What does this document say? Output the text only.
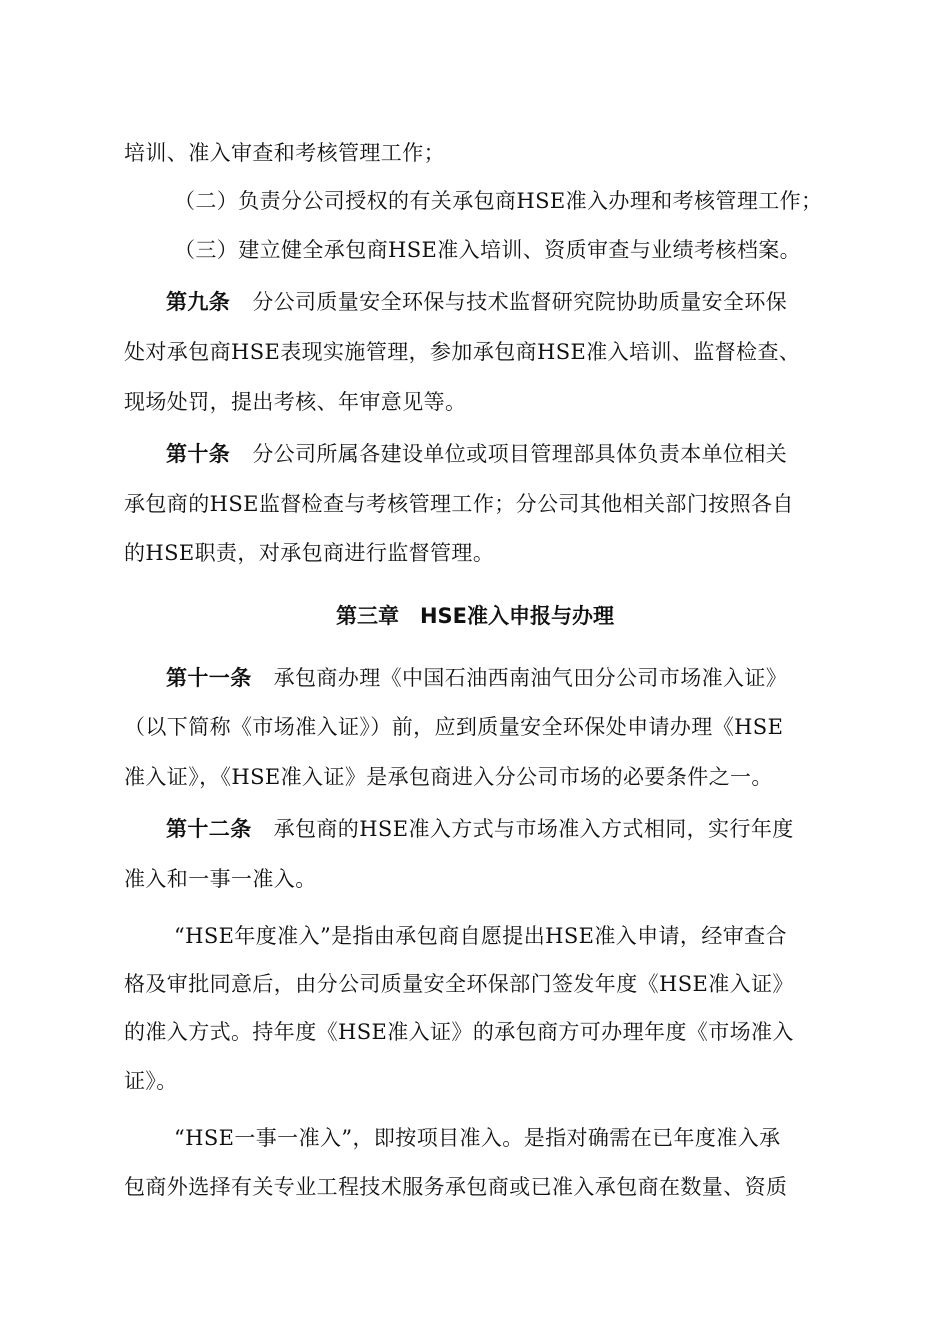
培训、准入审查和考核管理工作；
（二）负责分公司授权的有关承包商HSE准入办理和考核管理工作；
（三）建立健全承包商HSE准入培训、资质审查与业绩考核档案。
第九条 分公司质量安全环保与技术监督研究院协助质量安全环保
处对承包商HSE表现实施管理，参加承包商HSE准入培训、监督检查、
现场处罚，提出考核、年审意见等。
第十条 分公司所属各建设单位或项目管理部具体负责本单位相关
承包商的HSE监督检查与考核管理工作；分公司其他相关部门按照各自
的HSE职责，对承包商进行监督管理。
第三章　HSE准入申报与办理
第十一条 承包商办理《中国石油西南油气田分公司市场准入证》
（以下简称《市场准入证》）前，应到质量安全环保处申请办理《HSE
准入证》，《HSE准入证》是承包商进入分公司市场的必要条件之一。
第十二条 承包商的HSE准入方式与市场准入方式相同，实行年度
准入和一事一准入。
“HSE年度准入”是指由承包商自愿提出HSE准入申请，经审查合
格及审批同意后，由分公司质量安全环保部门签发年度《HSE准入证》
的准入方式。持年度《HSE准入证》的承包商方可办理年度《市场准入
证》。
“HSE一事一准入”，即按项目准入。是指对确需在已年度准入承
包商外选择有关专业工程技术服务承包商或已准入承包商在数量、资质
